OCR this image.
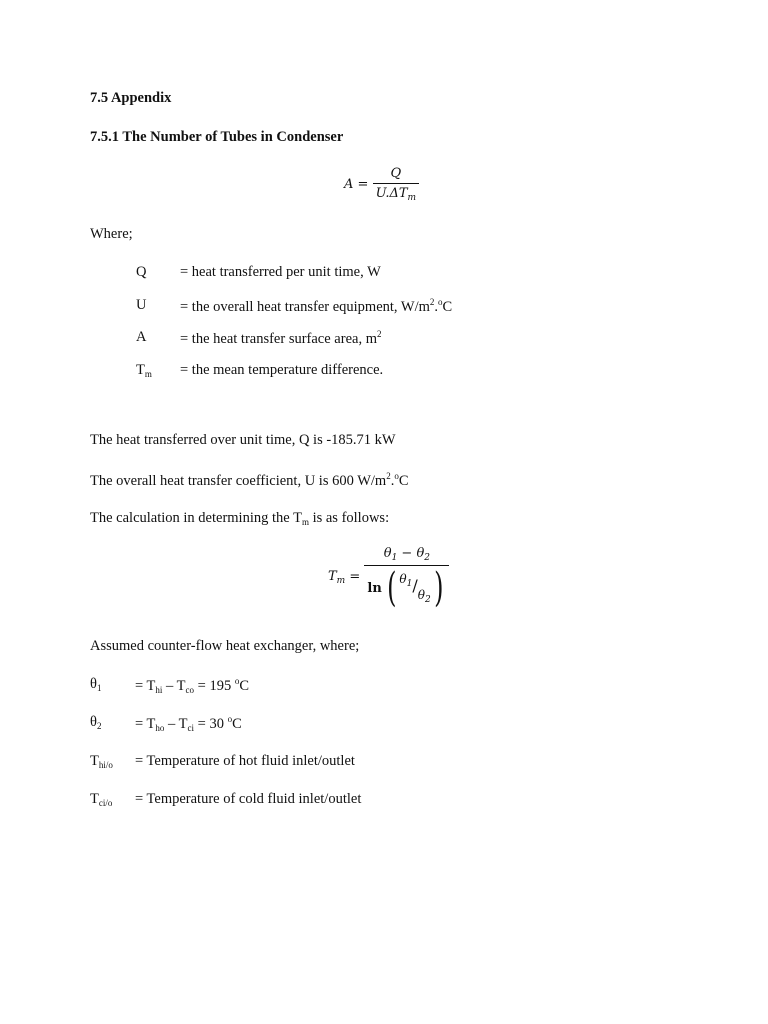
7.5 Appendix
7.5.1 The Number of Tubes in Condenser
$A = \frac{Q}{U.\Delta T_m}$
Where;
Q = heat transferred per unit time, W
U = the overall heat transfer equipment, $W/m^2.^oC$
A = the heat transfer surface area, $m^2$
$T_m$ = the mean temperature difference.
The heat transferred over unit time, Q is -185.71 kW
The overall heat transfer coefficient, U is 600 $W/m^2.^oC$
The calculation in determining the $T_m$ is as follows:
$T_m = \frac{\theta_1 - \theta_2}{\ln ( ^{\theta_1}/_{\theta_2} )}$
Assumed counter-flow heat exchanger, where;
$\theta_1 = T_{hi} - T_{co} = 195$ $^o$C
$\theta_2 = T_{ho} - T_{ci} = 30$ $^o$C
$T_{hi/o}$ = Temperature of hot fluid inlet/outlet
$T_{ci/o}$ = Temperature of cold fluid inlet/outlet
